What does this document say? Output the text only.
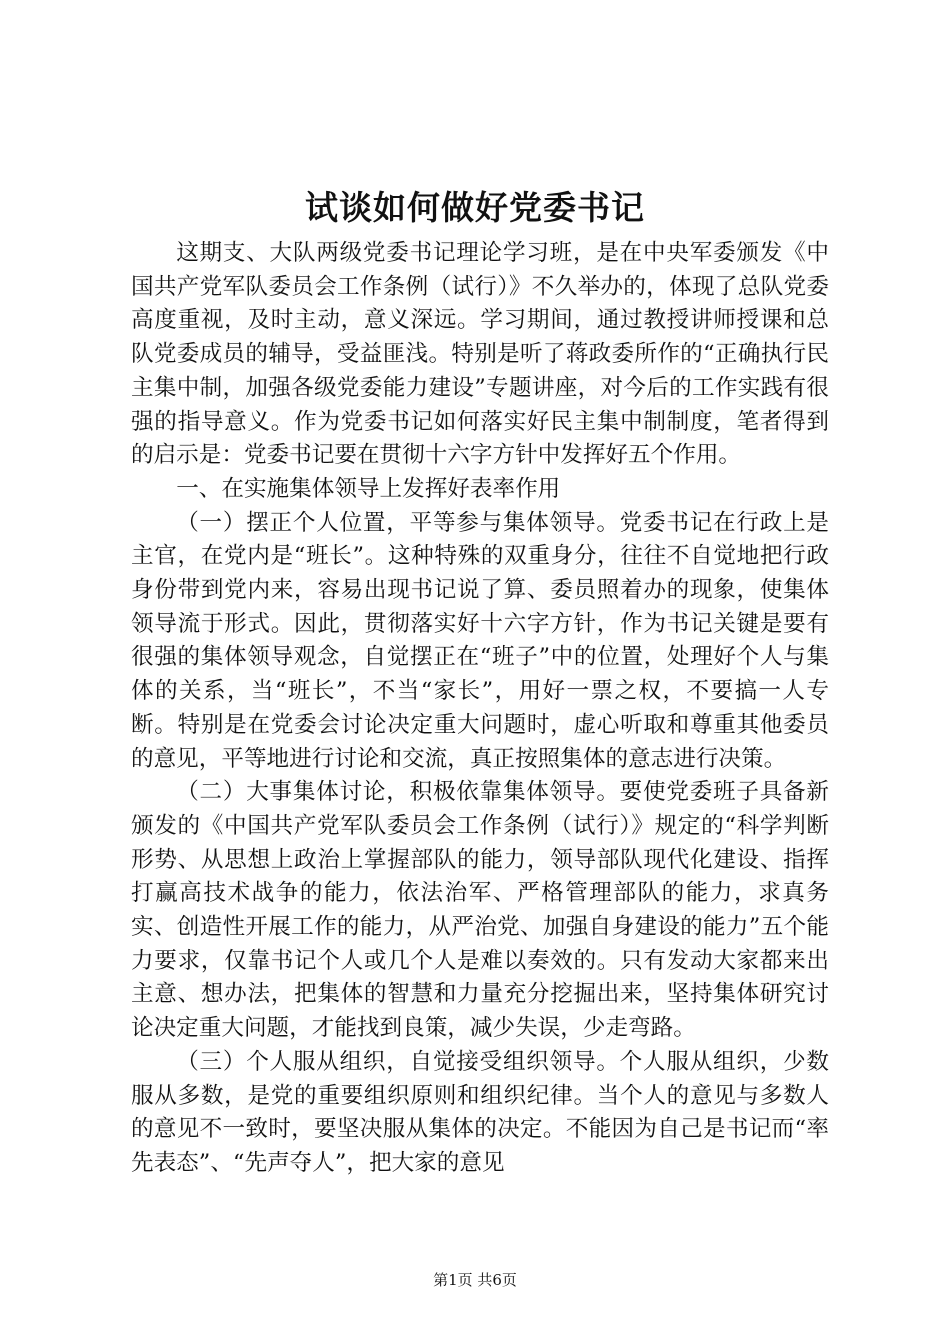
试谈如何做好党委书记

这期支、大队两级党委书记理论学习班，是在中央军委颁发《中国共产党军队委员会工作条例（试行）》不久举办的，体现了总队党委高度重视，及时主动，意义深远。学习期间，通过教授讲师授课和总队党委成员的辅导，受益匪浅。特别是听了蒋政委所作的“正确执行民主集中制，加强各级党委能力建设”专题讲座，对今后的工作实践有很强的指导意义。作为党委书记如何落实好民主集中制制度，笔者得到的启示是：党委书记要在贯彻十六字方针中发挥好五个作用。

一、在实施集体领导上发挥好表率作用

（一）摆正个人位置，平等参与集体领导。党委书记在行政上是主官，在党内是“班长”。这种特殊的双重身分，往往不自觉地把行政身份带到党内来，容易出现书记说了算、委员照着办的现象，使集体领导流于形式。因此，贯彻落实好十六字方针，作为书记关键是要有很强的集体领导观念，自觉摆正在“班子”中的位置，处理好个人与集体的关系，当“班长”，不当“家长”，用好一票之权，不要搞一人专断。特别是在党委会讨论决定重大问题时，虚心听取和尊重其他委员的意见，平等地进行讨论和交流，真正按照集体的意志进行决策。

（二）大事集体讨论，积极依靠集体领导。要使党委班子具备新颁发的《中国共产党军队委员会工作条例（试行）》规定的“科学判断形势、从思想上政治上掌握部队的能力，领导部队现代化建设、指挥打赢高技术战争的能力，依法治军、严格管理部队的能力，求真务实、创造性开展工作的能力，从严治党、加强自身建设的能力”五个能力要求，仅靠书记个人或几个人是难以奏效的。只有发动大家都来出主意、想办法，把集体的智慧和力量充分挖掘出来，坚持集体研究讨论决定重大问题，才能找到良策，减少失误，少走弯路。

（三）个人服从组织，自觉接受组织领导。个人服从组织，少数服从多数，是党的重要组织原则和组织纪律。当个人的意见与多数人的意见不一致时，要坚决服从集体的决定。不能因为自己是书记而“率先表态”、“先声夺人”，把大家的意见

第1页 共6页
